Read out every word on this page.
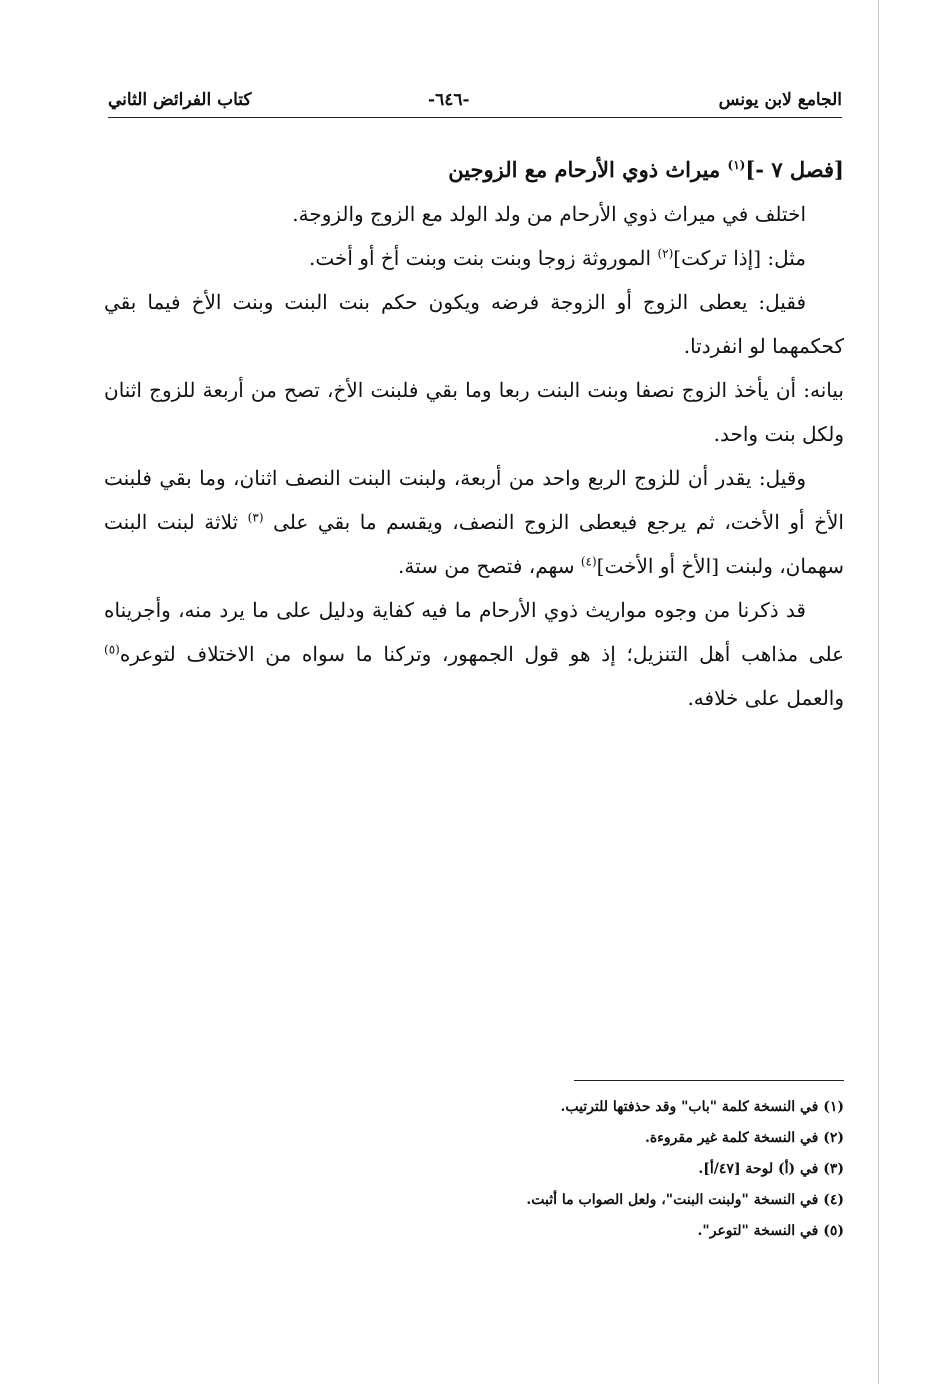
الجامع لابن يونس
-٦٤٦-
كتاب الفرائض الثاني

[فصل ٧ -]$^{(١)}$ ميراث ذوي الأرحام مع الزوجين

اختلف في ميراث ذوي الأرحام من ولد الولد مع الزوج والزوجة.

مثل: [إذا تركت]$^{(٢)}$ الموروثة زوجا وبنت بنت وبنت أخ أو أخت.

فقيل: يعطى الزوج أو الزوجة فرضه ويكون حكم بنت البنت وبنت الأخ فيما بقي كحكمهما لو انفردتا.

بيانه: أن يأخذ الزوج نصفا وبنت البنت ربعا وما بقي فلبنت الأخ، تصح من أربعة للزوج اثنان ولكل بنت واحد.

وقيل: يقدر أن للزوج الربع واحد من أربعة، ولبنت البنت النصف اثنان، وما بقي فلبنت الأخ أو الأخت، ثم يرجع فيعطى الزوج النصف، ويقسم ما بقي على $^{(٣)}$ ثلاثة لبنت البنت سهمان، ولبنت [الأخ أو الأخت]$^{(٤)}$ سهم، فتصح من ستة.

قد ذكرنا من وجوه مواريث ذوي الأرحام ما فيه كفاية ودليل على ما يرد منه، وأجريناه على مذاهب أهل التنزيل؛ إذ هو قول الجمهور، وتركنا ما سواه من الاختلاف لتوعره$^{(٥)}$ والعمل على خلافه.

(١) في النسخة كلمة "باب" وقد حذفتها للترتيب.
(٢) في النسخة كلمة غير مقروءة.
(٣) في (أ) لوحة [٤٧/أ].
(٤) في النسخة "ولبنت البنت"، ولعل الصواب ما أثبت.
(٥) في النسخة "لتوعر".
